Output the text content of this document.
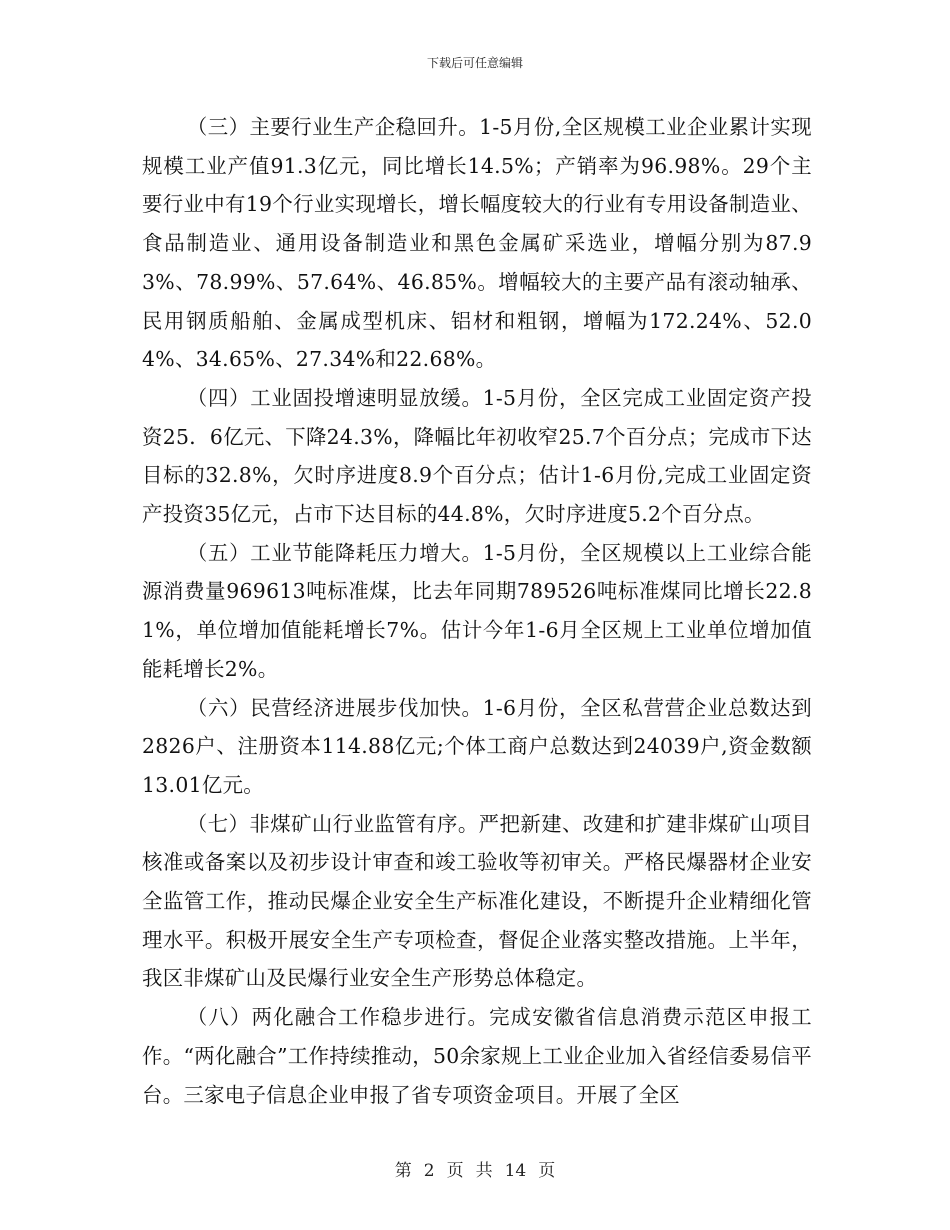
下载后可任意编辑

（三）主要行业生产企稳回升。1-5月份,全区规模工业企业累计实现规模工业产值91.3亿元，同比增长14.5%；产销率为96.98%。29个主要行业中有19个行业实现增长，增长幅度较大的行业有专用设备制造业、食品制造业、通用设备制造业和黑色金属矿采选业，增幅分别为87.93%、78.99%、57.64%、46.85%。增幅较大的主要产品有滚动轴承、民用钢质船舶、金属成型机床、铝材和粗钢，增幅为172.24%、52.04%、34.65%、27.34%和22.68%。

（四）工业固投增速明显放缓。1-5月份，全区完成工业固定资产投资25．6亿元、下降24.3%，降幅比年初收窄25.7个百分点；完成市下达目标的32.8%，欠时序进度8.9个百分点；估计1-6月份,完成工业固定资产投资35亿元，占市下达目标的44.8%，欠时序进度5.2个百分点。

（五）工业节能降耗压力增大。1-5月份，全区规模以上工业综合能源消费量969613吨标准煤，比去年同期789526吨标准煤同比增长22.81%，单位增加值能耗增长7%。估计今年1-6月全区规上工业单位增加值能耗增长2%。

（六）民营经济进展步伐加快。1-6月份，全区私营营企业总数达到 2826户、注册资本114.88亿元;个体工商户总数达到24039户,资金数额13.01亿元。

（七）非煤矿山行业监管有序。严把新建、改建和扩建非煤矿山项目核准或备案以及初步设计审查和竣工验收等初审关。严格民爆器材企业安全监管工作，推动民爆企业安全生产标准化建设，不断提升企业精细化管理水平。积极开展安全生产专项检查，督促企业落实整改措施。上半年，我区非煤矿山及民爆行业安全生产形势总体稳定。

（八）两化融合工作稳步进行。完成安徽省信息消费示范区申报工作。“两化融合”工作持续推动，50余家规上工业企业加入省经信委易信平台。三家电子信息企业申报了省专项资金项目。开展了全区

第 2 页 共 14 页
